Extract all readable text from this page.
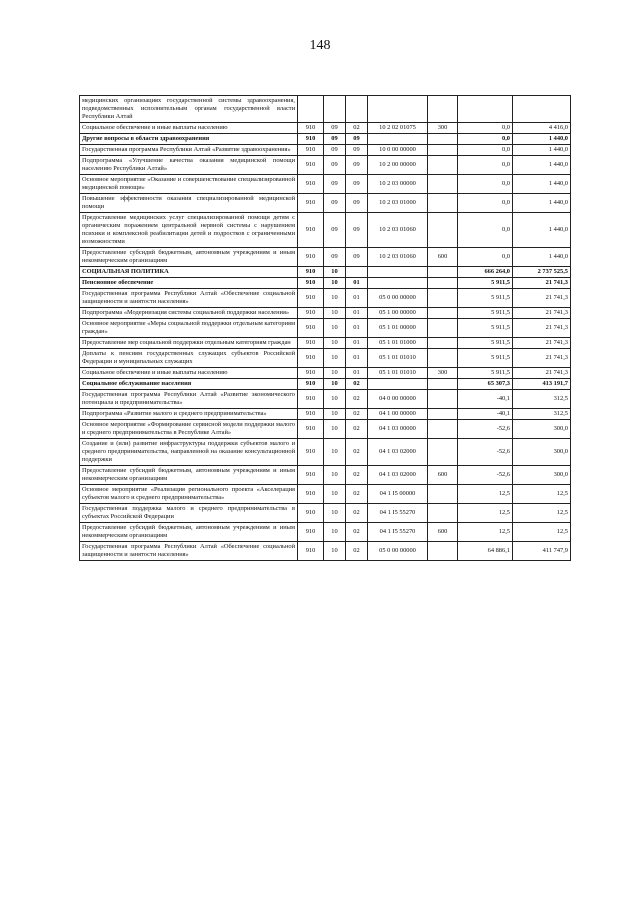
148
медицинских организациях государственной системы здравоохранения, подведомственных исполнительным органам государственной власти Республики Алтай							
Социальное обеспечение и иные выплаты населению	910	09	02	10 2 02 01075	300	0,0	4 416,0
Другие вопросы в области здравоохранения	910	09	09			0,0	1 440,0
Государственная программа Республики Алтай «Развитие здравоохранения»	910	09	09	10 0 00 00000		0,0	1 440,0
Подпрограмма «Улучшение качества оказания медицинской помощи населению Республики Алтай»	910	09	09	10 2 00 00000		0,0	1 440,0
Основное мероприятие «Оказание и совершенствование специализированной медицинской помощи»	910	09	09	10 2 03 00000		0,0	1 440,0
Повышение эффективности оказания специализированной медицинской помощи	910	09	09	10 2 03 01000		0,0	1 440,0
Предоставление медицинских услуг специализированной помощи детям с органическим поражением центральной нервной системы с нарушением психики и комплексной реабилитации детей и подростков с ограниченными возможностями	910	09	09	10 2 03 01060		0,0	1 440,0
Предоставление субсидий бюджетным, автономным учреждениям и иным некоммерческим организациям	910	09	09	10 2 03 01060	600	0,0	1 440,0
СОЦИАЛЬНАЯ ПОЛИТИКА	910	10				666 264,0	2 737 525,5
Пенсионное обеспечение	910	10	01			5 911,5	21 741,3
Государственная программа Республики Алтай «Обеспечение социальной защищенности и занятости населения»	910	10	01	05 0 00 00000		5 911,5	21 741,3
Подпрограмма «Модернизация системы социальной поддержки населения»	910	10	01	05 1 00 00000		5 911,5	21 741,3
Основное мероприятие «Меры социальной поддержки отдельным категориям граждан»	910	10	01	05 1 01 00000		5 911,5	21 741,3
Предоставление мер социальной поддержки отдельным категориям граждан	910	10	01	05 1 01 01000		5 911,5	21 741,3
Доплаты к пенсиям государственных служащих субъектов Российской Федерации и муниципальных служащих	910	10	01	05 1 01 01010		5 911,5	21 741,3
Социальное обеспечение и иные выплаты населению	910	10	01	05 1 01 01010	300	5 911,5	21 741,3
Социальное обслуживание населения	910	10	02			65 307,3	413 191,7
Государственная программа Республики Алтай «Развитие экономического потенциала и предпринимательства»	910	10	02	04 0 00 00000		-40,1	312,5
Подпрограмма «Развитие малого и среднего предпринимательства»	910	10	02	04 1 00 00000		-40,1	312,5
Основное мероприятие «Формирование сервисной модели поддержки малого и среднего предпринимательства в Республике Алтай»	910	10	02	04 1 03 00000		-52,6	300,0
Создание и (или) развитие инфраструктуры поддержки субъектов малого и среднего предпринимательства, направленной на оказание консультационной поддержки	910	10	02	04 1 03 02000		-52,6	300,0
Предоставление субсидий бюджетным, автономным учреждениям и иным некоммерческим организациям	910	10	02	04 1 03 02000	600	-52,6	300,0
Основное мероприятие «Реализация регионального проекта «Акселерация субъектов малого и среднего предпринимательства»	910	10	02	04 1 I5 00000		12,5	12,5
Государственная поддержка малого и среднего предпринимательства в субъектах Российской Федерации	910	10	02	04 1 I5 55270		12,5	12,5
Предоставление субсидий бюджетным, автономным учреждениям и иным некоммерческим организациям	910	10	02	04 1 I5 55270	600	12,5	12,5
Государственная программа Республики Алтай «Обеспечение социальной защищенности и занятости населения»	910	10	02	05 0 00 00000		64 886,1	411 747,9
